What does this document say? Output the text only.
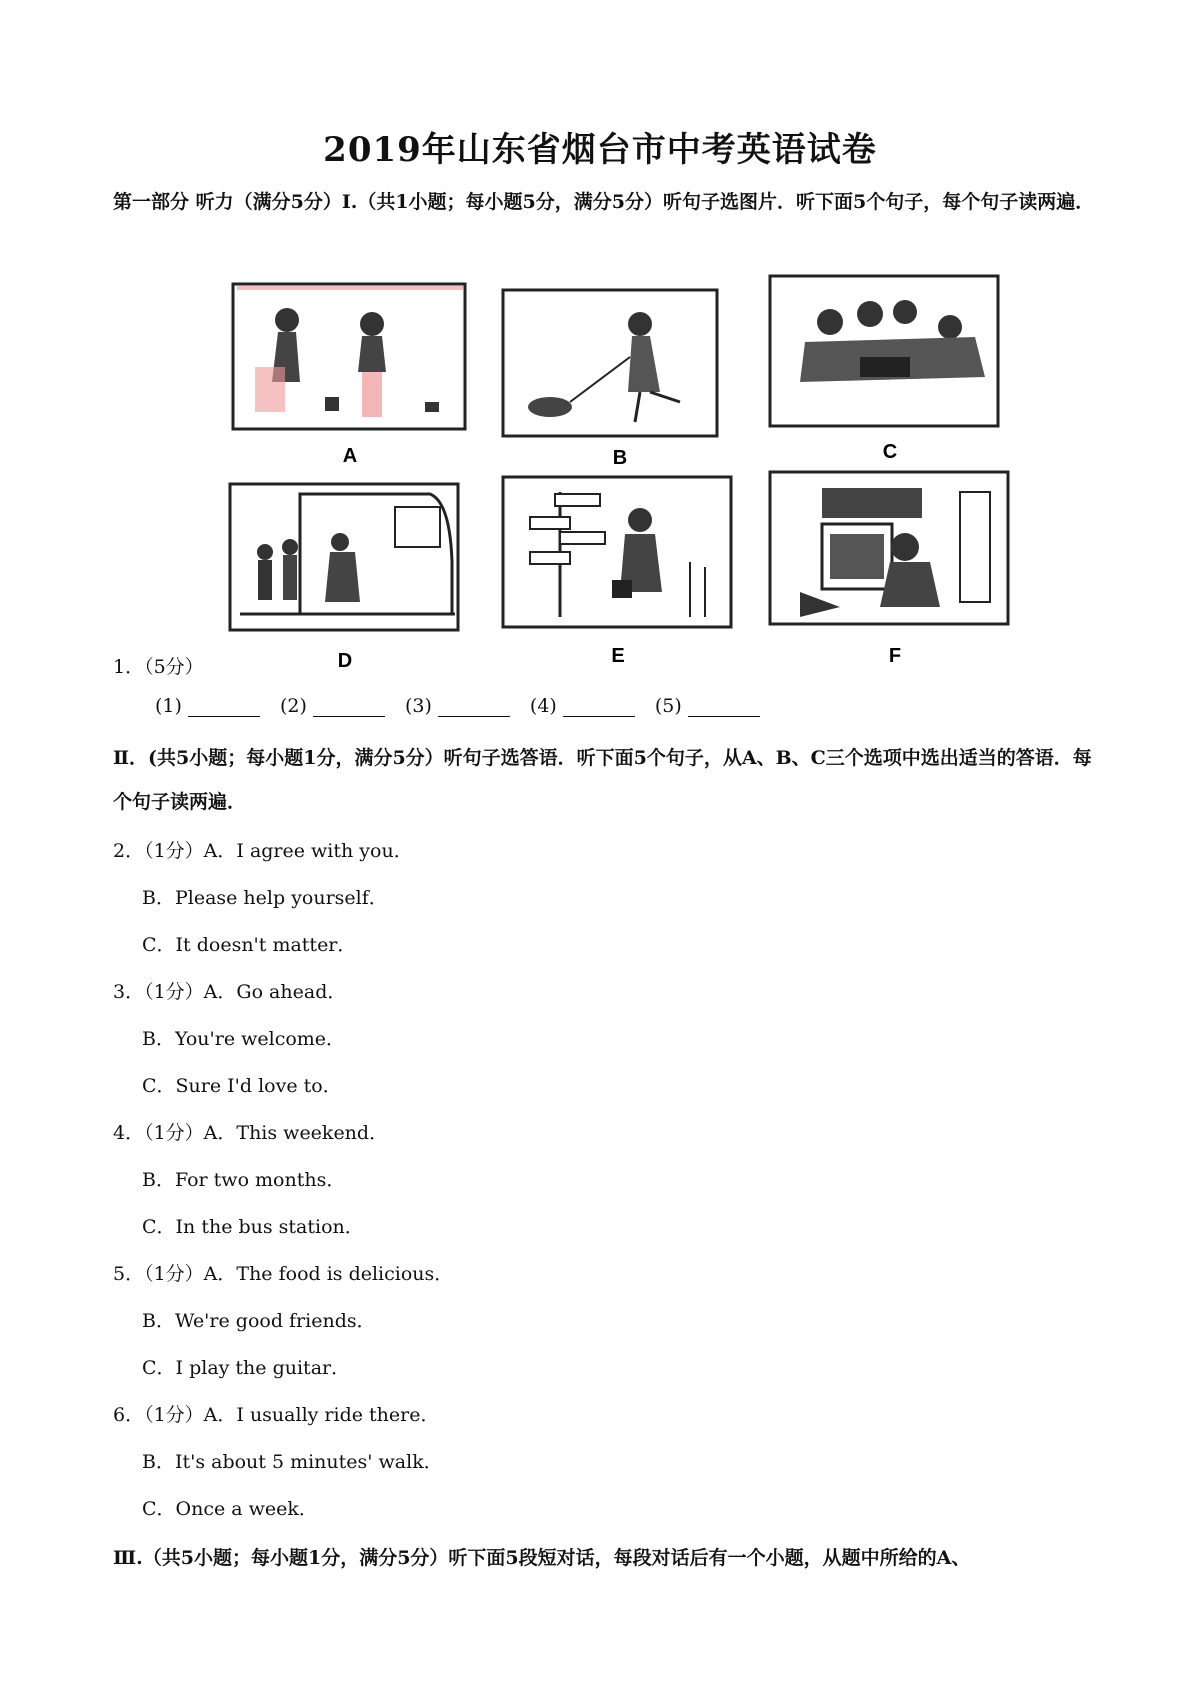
2019年山东省烟台市中考英语试卷
第一部分 听力（满分5分）Ⅰ.（共1小题；每小题5分，满分5分）听句子选图片．听下面5个句子，每个句子读两遍．
A	B	C
D	E	F
1．（5分）
(1)	(2)	(3)	(4)	(5)
Ⅱ．(共5小题；每小题1分，满分5分）听句子选答语．听下面5个句子，从A、B、C三个选项中选出适当的答语．每个句子读两遍．
2．（1分）A．I agree with you．
B．Please help yourself．
C．It doesn't matter．
3．（1分）A．Go ahead．
B．You're welcome．
C．Sure I'd love to．
4．（1分）A．This weekend．
B．For two months．
C．In the bus station．
5．（1分）A．The food is delicious．
B．We're good friends．
C．I play the guitar．
6．（1分）A．I usually ride there．
B．It's about 5 minutes' walk．
C．Once a week．
Ⅲ.（共5小题；每小题1分，满分5分）听下面5段短对话，每段对话后有一个小题，从题中所给的A、
